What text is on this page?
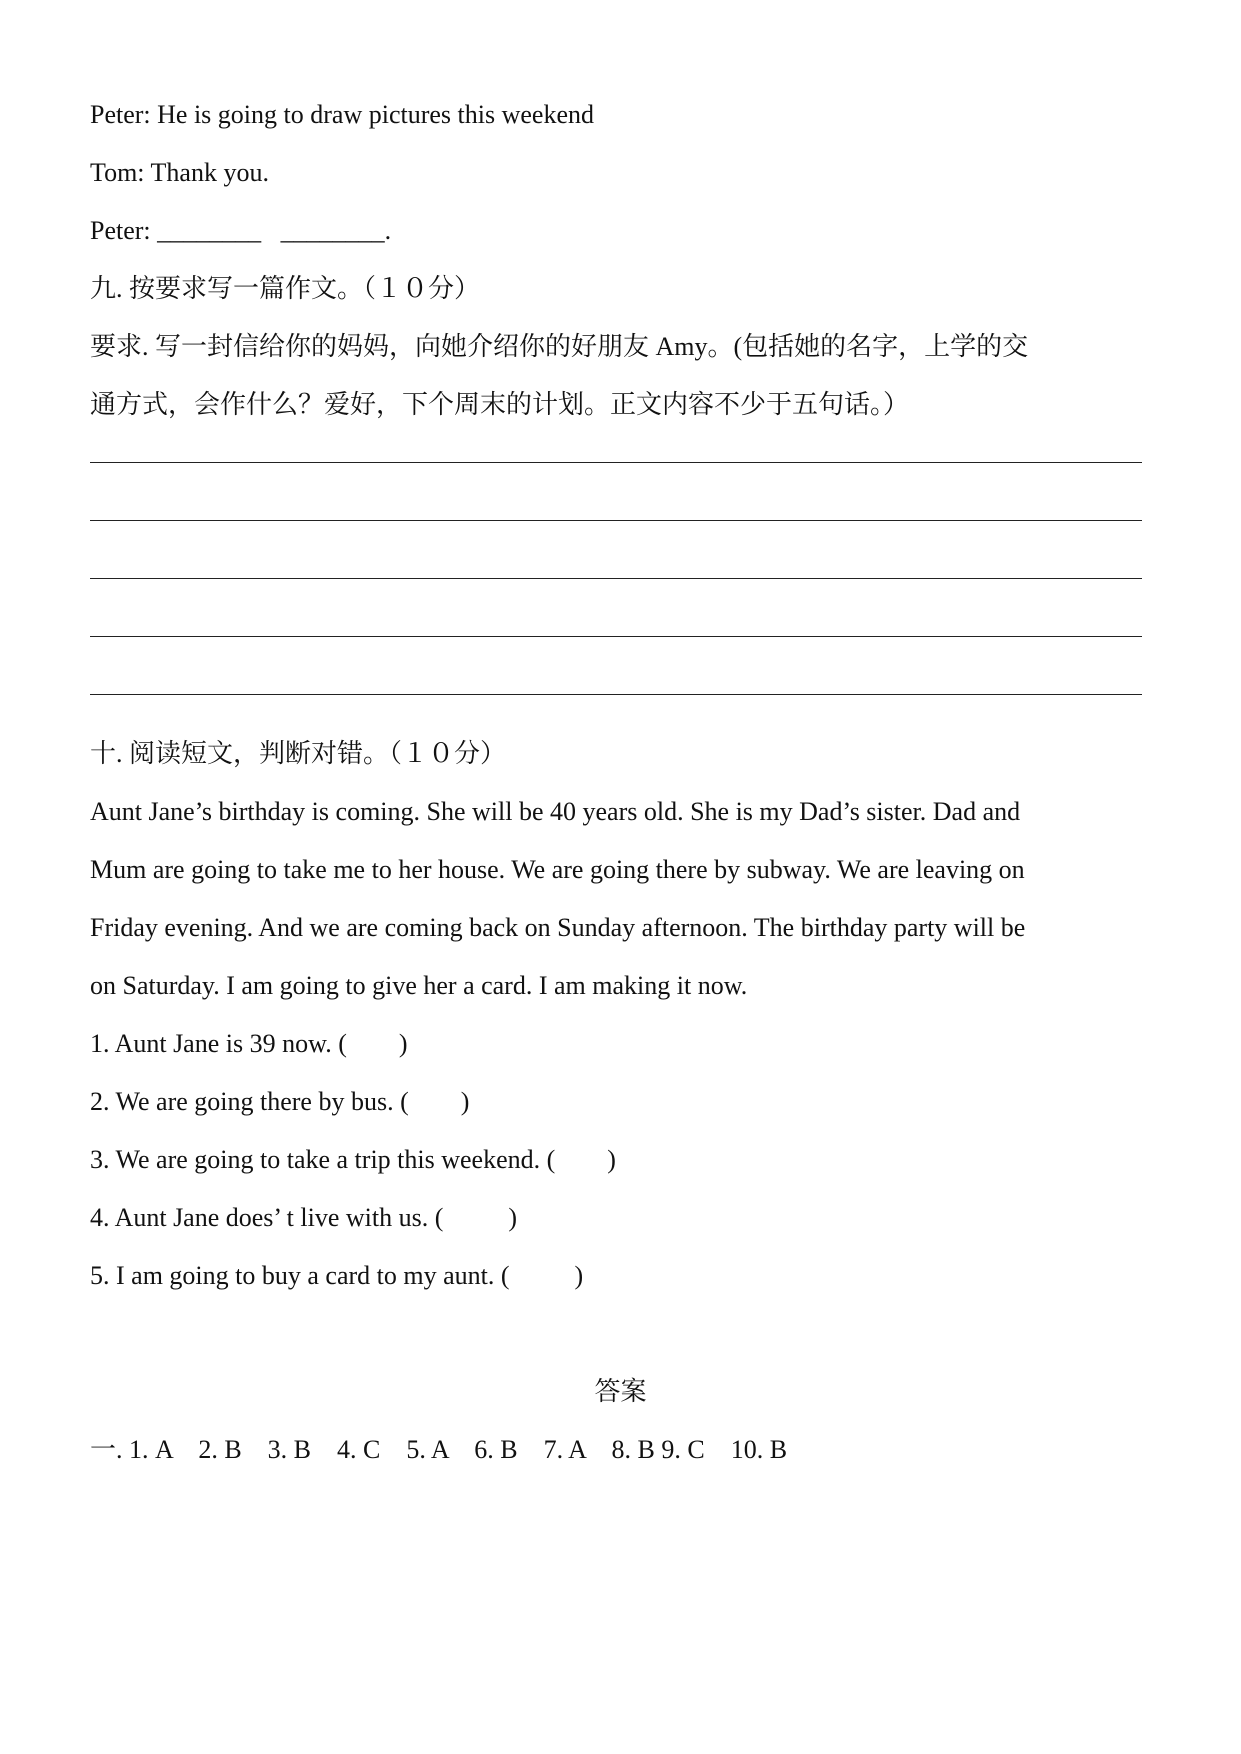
Peter: He is going to draw pictures this weekend
Tom: Thank you.
Peter: ________   ________.
九. 按要求写一篇作文。（１０分）
要求. 写一封信给你的妈妈，向她介绍你的好朋友 Amy。(包括她的名字，上学的交
通方式，会作什么？爱好，下个周末的计划。正文内容不少于五句话。）
十. 阅读短文，判断对错。（１０分）
Aunt Jane’s birthday is coming. She will be 40 years old. She is my Dad’s sister. Dad and
Mum are going to take me to her house. We are going there by subway. We are leaving on
Friday evening. And we are coming back on Sunday afternoon. The birthday party will be
on Saturday. I am going to give her a card. I am making it now.
1. Aunt Jane is 39 now. (        )
2. We are going there by bus. (        )
3. We are going to take a trip this weekend. (        )
4. Aunt Jane does’ t live with us. (          )
5. I am going to buy a card to my aunt. (          )
答案
一. 1. A    2. B    3. B    4. C    5. A    6. B    7. A    8. B 9. C    10. B
